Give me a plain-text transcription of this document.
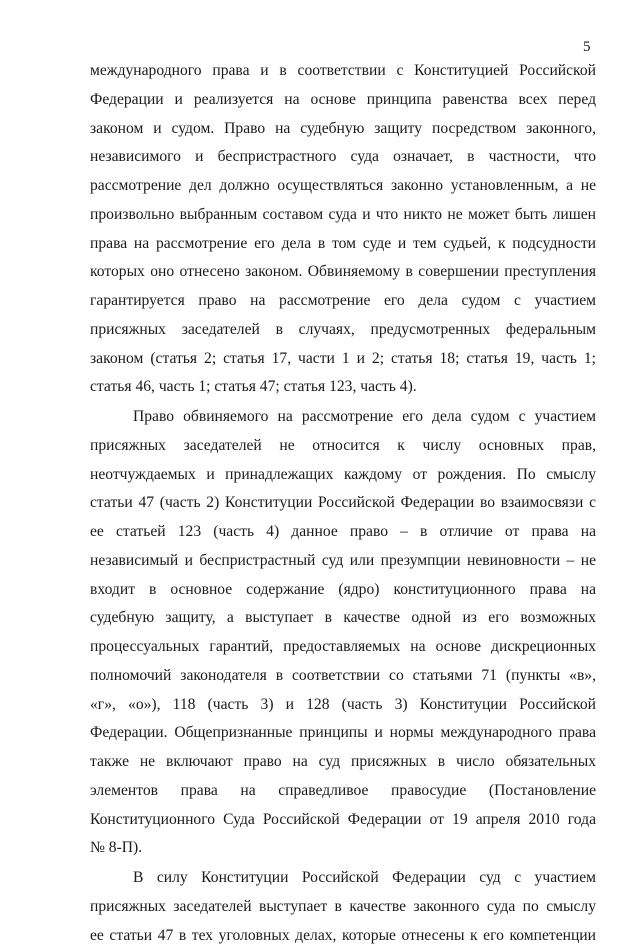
5
международного права и в соответствии с Конституцией Российской
Федерации и реализуется на основе принципа равенства всех перед
законом и судом. Право на судебную защиту посредством законного,
независимого и беспристрастного суда означает, в частности, что
рассмотрение дел должно осуществляться законно установленным, а не
произвольно выбранным составом суда и что никто не может быть лишен
права на рассмотрение его дела в том суде и тем судьей, к подсудности
которых оно отнесено законом. Обвиняемому в совершении преступления
гарантируется право на рассмотрение его дела судом с участием
присяжных заседателей в случаях, предусмотренных федеральным
законом (статья 2; статья 17, части 1 и 2; статья 18; статья 19, часть 1;
статья 46, часть 1; статья 47; статья 123, часть 4).
Право обвиняемого на рассмотрение его дела судом с участием
присяжных заседателей не относится к числу основных прав,
неотчуждаемых и принадлежащих каждому от рождения. По смыслу
статьи 47 (часть 2) Конституции Российской Федерации во взаимосвязи с
ее статьей 123 (часть 4) данное право – в отличие от права на
независимый и беспристрастный суд или презумпции невиновности – не
входит в основное содержание (ядро) конституционного права на
судебную защиту, а выступает в качестве одной из его возможных
процессуальных гарантий, предоставляемых на основе дискреционных
полномочий законодателя в соответствии со статьями 71 (пункты «в»,
«г», «о»), 118 (часть 3) и 128 (часть 3) Конституции Российской
Федерации. Общепризнанные принципы и нормы международного права
также не включают право на суд присяжных в число обязательных
элементов права на справедливое правосудие (Постановление
Конституционного Суда Российской Федерации от 19 апреля 2010 года
№ 8-П).
В силу Конституции Российской Федерации суд с участием
присяжных заседателей выступает в качестве законного суда по смыслу
ее статьи 47 в тех уголовных делах, которые отнесены к его компетенции
